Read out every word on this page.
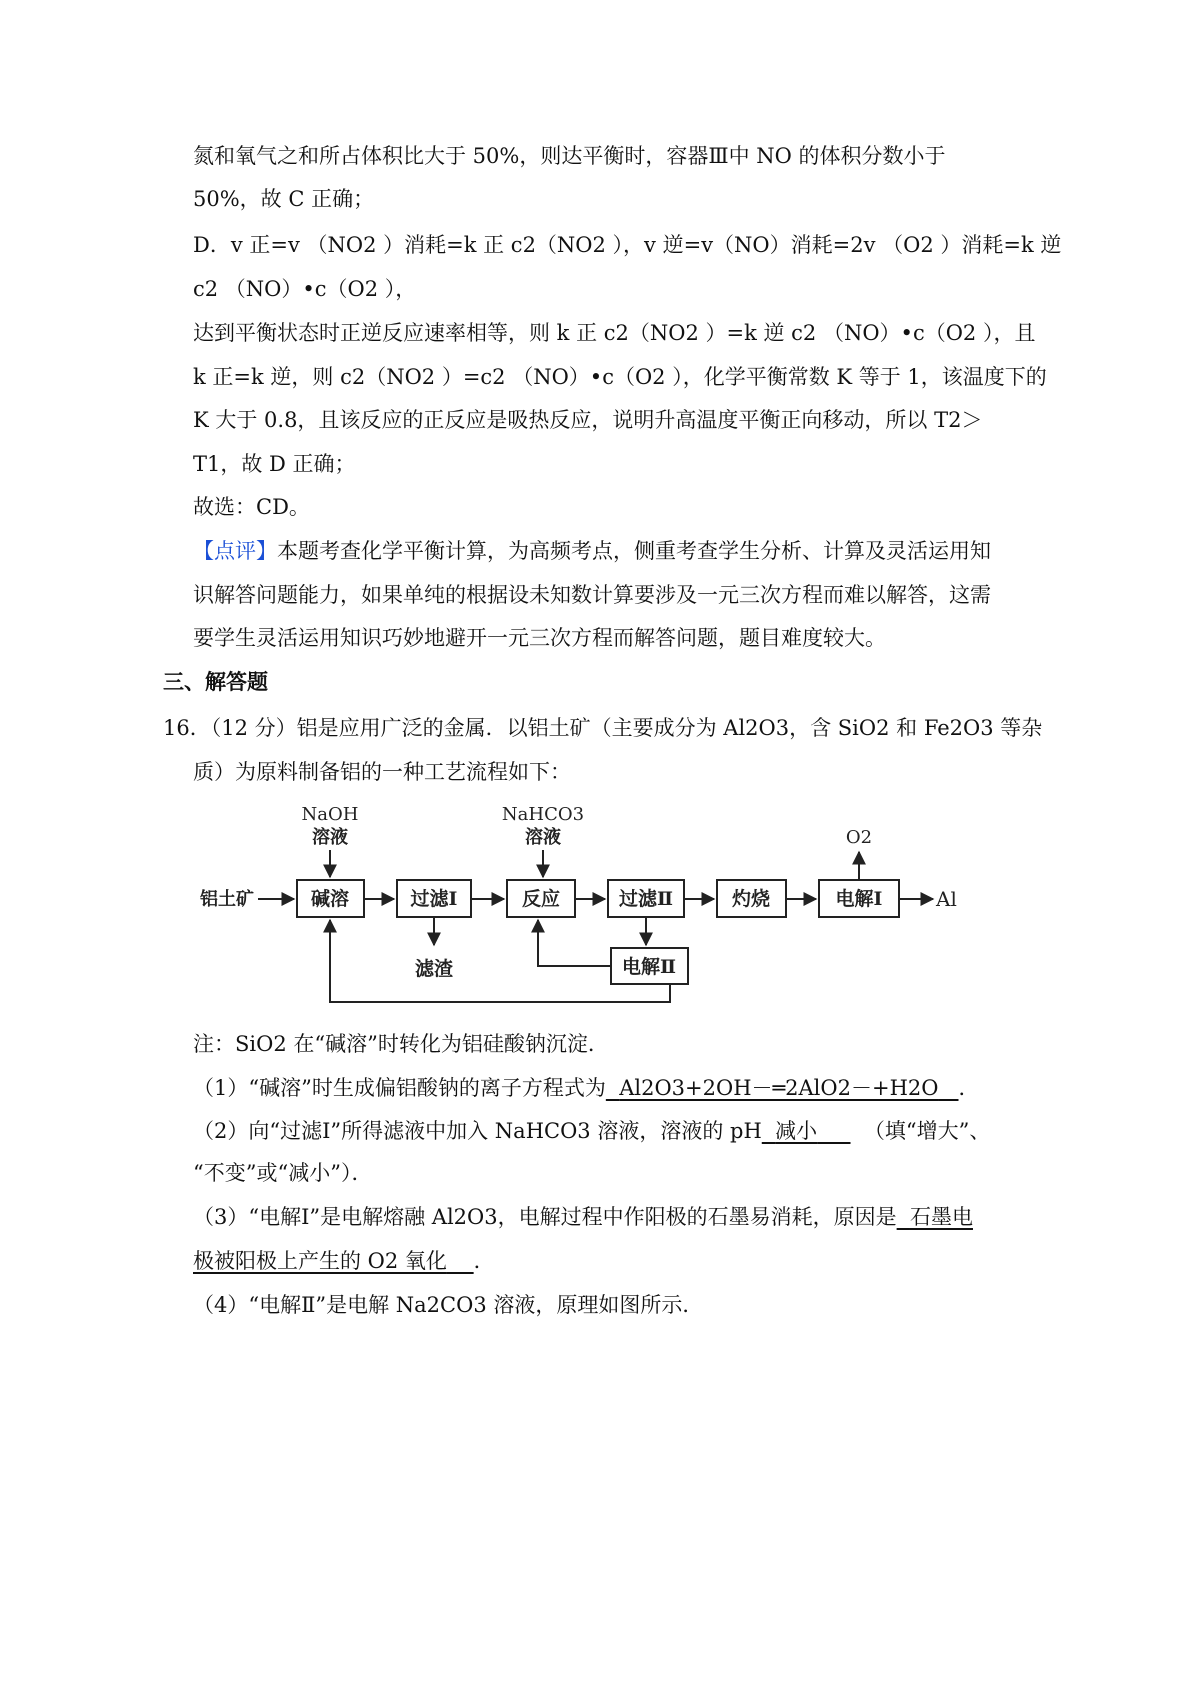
氮和氧气之和所占体积比大于 50%，则达平衡时，容器Ⅲ中 NO 的体积分数小于
50%，故 C 正确；
D．v 正=v （NO2 ）消耗=k 正 c2（NO2 ），v 逆=v（NO）消耗=2v （O2 ）消耗=k 逆
c2 （NO）•c（O2 ），
达到平衡状态时正逆反应速率相等，则 k 正 c2（NO2 ）=k 逆 c2 （NO）•c（O2 ），且
k 正=k 逆，则 c2（NO2 ）=c2 （NO）•c（O2 ），化学平衡常数 K 等于 1，该温度下的
K 大于 0.8，且该反应的正反应是吸热反应，说明升高温度平衡正向移动，所以 T2＞
T1，故 D 正确；
故选：CD。
【点评】本题考查化学平衡计算，为高频考点，侧重考查学生分析、计算及灵活运用知
识解答问题能力，如果单纯的根据设未知数计算要涉及一元三次方程而难以解答，这需
要学生灵活运用知识巧妙地避开一元三次方程而解答问题，题目难度较大。
三、解答题
16．（12 分）铝是应用广泛的金属．以铝土矿（主要成分为 Al2O3，含 SiO2 和 Fe2O3 等杂
质）为原料制备铝的一种工艺流程如下：
NaOH
溶液
NaHCO3
溶液	O2
铝土矿	碱溶	过滤Ⅰ	反应	过滤Ⅱ	灼烧	电解Ⅰ	Al
滤渣	电解Ⅱ
注：SiO2 在“碱溶”时转化为铝硅酸钠沉淀．
（1）“碱溶”时生成偏铝酸钠的离子方程式为 Al2O3+2OH－═2AlO2－+H2O ．
（2）向“过滤Ⅰ”所得滤液中加入 NaHCO3 溶液，溶液的 pH 减小 （填“增大”、
“不变”或“减小”）．
（3）“电解Ⅰ”是电解熔融 Al2O3，电解过程中作阳极的石墨易消耗，原因是 石墨电
极被阳极上产生的 O2 氧化 ．
（4）“电解Ⅱ”是电解 Na2CO3 溶液，原理如图所示．
